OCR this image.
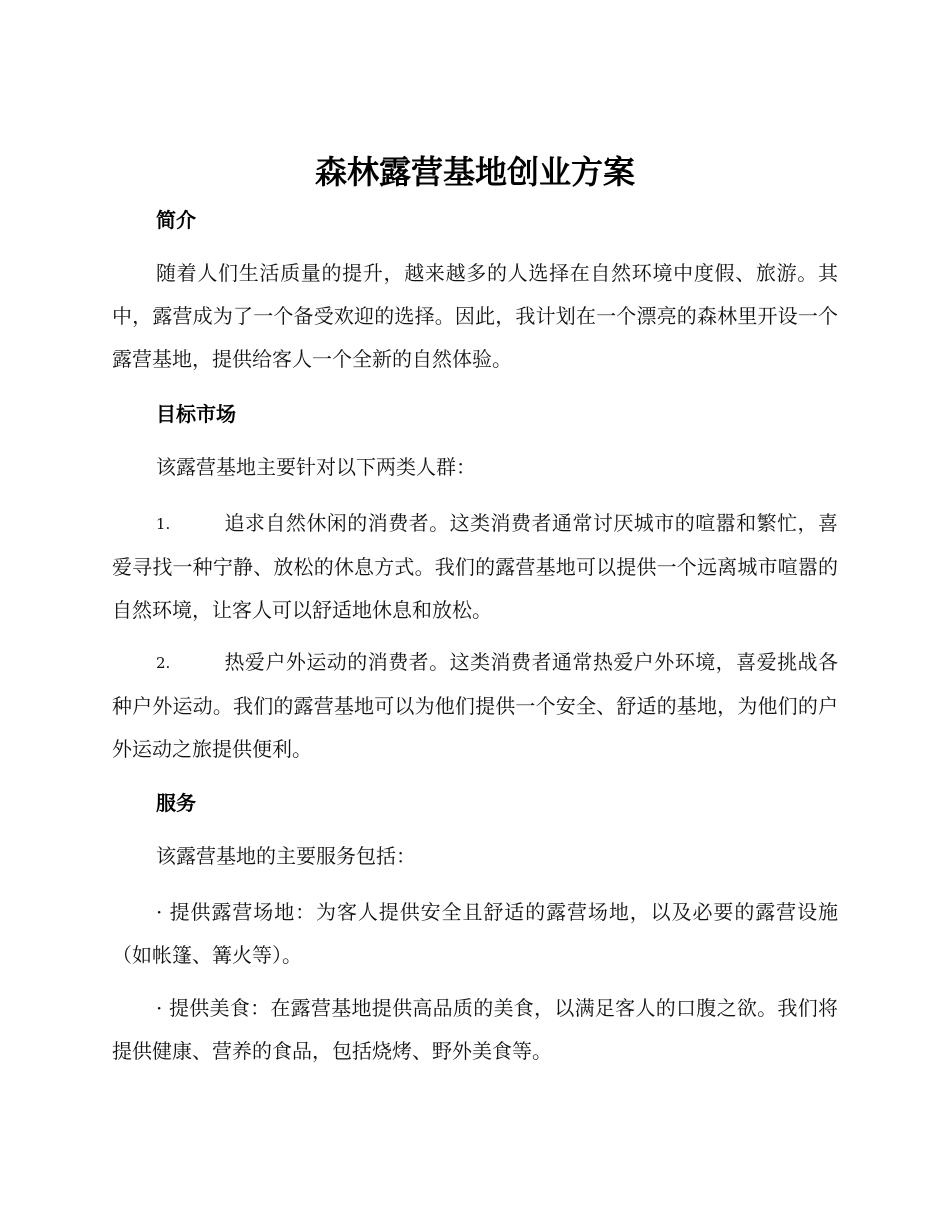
森林露营基地创业方案
简介

随着人们生活质量的提升，越来越多的人选择在自然环境中度假、旅游。其中，露营成为了一个备受欢迎的选择。因此，我计划在一个漂亮的森林里开设一个露营基地，提供给客人一个全新的自然体验。

目标市场

该露营基地主要针对以下两类人群：

1.	追求自然休闲的消费者。这类消费者通常讨厌城市的喧嚣和繁忙，喜爱寻找一种宁静、放松的休息方式。我们的露营基地可以提供一个远离城市喧嚣的自然环境，让客人可以舒适地休息和放松。

2.	热爱户外运动的消费者。这类消费者通常热爱户外环境，喜爱挑战各种户外运动。我们的露营基地可以为他们提供一个安全、舒适的基地，为他们的户外运动之旅提供便利。

服务

该露营基地的主要服务包括：

· 提供露营场地：为客人提供安全且舒适的露营场地，以及必要的露营设施（如帐篷、篝火等）。

· 提供美食：在露营基地提供高品质的美食，以满足客人的口腹之欲。我们将提供健康、营养的食品，包括烧烤、野外美食等。
